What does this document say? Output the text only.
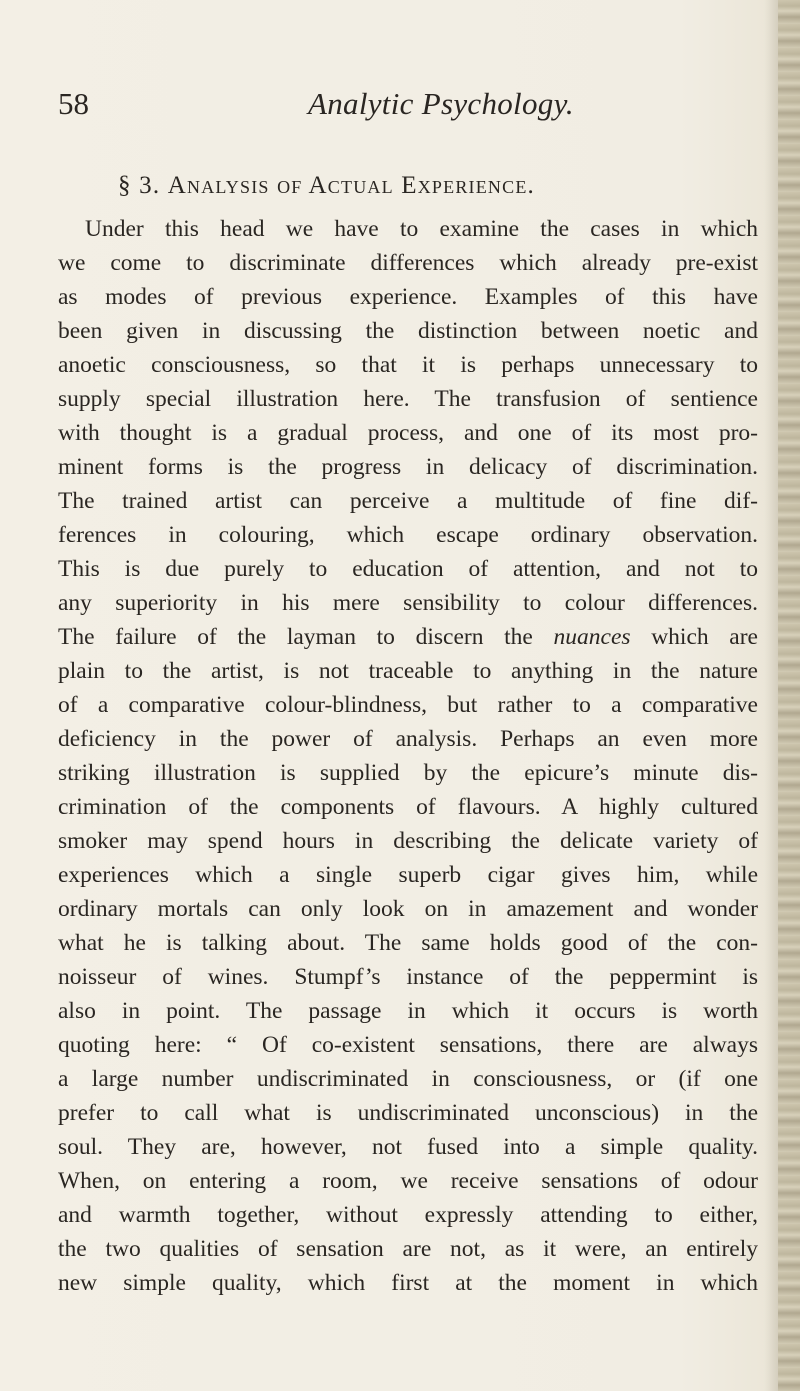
58	Analytic Psychology.
§ 3. Analysis of Actual Experience.
Under this head we have to examine the cases in which
we come to discriminate differences which already pre-exist
as modes of previous experience. Examples of this have
been given in discussing the distinction between noetic and
anoetic consciousness, so that it is perhaps unnecessary to
supply special illustration here. The transfusion of sentience
with thought is a gradual process, and one of its most pro-
minent forms is the progress in delicacy of discrimination.
The trained artist can perceive a multitude of fine dif-
ferences in colouring, which escape ordinary observation.
This is due purely to education of attention, and not to
any superiority in his mere sensibility to colour differences.
The failure of the layman to discern the nuances which are
plain to the artist, is not traceable to anything in the nature
of a comparative colour-blindness, but rather to a comparative
deficiency in the power of analysis. Perhaps an even more
striking illustration is supplied by the epicure’s minute dis-
crimination of the components of flavours. A highly cultured
smoker may spend hours in describing the delicate variety of
experiences which a single superb cigar gives him, while
ordinary mortals can only look on in amazement and wonder
what he is talking about. The same holds good of the con-
noisseur of wines. Stumpf’s instance of the peppermint is
also in point. The passage in which it occurs is worth
quoting here: “ Of co-existent sensations, there are always
a large number undiscriminated in consciousness, or (if one
prefer to call what is undiscriminated unconscious) in the
soul. They are, however, not fused into a simple quality.
When, on entering a room, we receive sensations of odour
and warmth together, without expressly attending to either,
the two qualities of sensation are not, as it were, an entirely
new simple quality, which first at the moment in which
